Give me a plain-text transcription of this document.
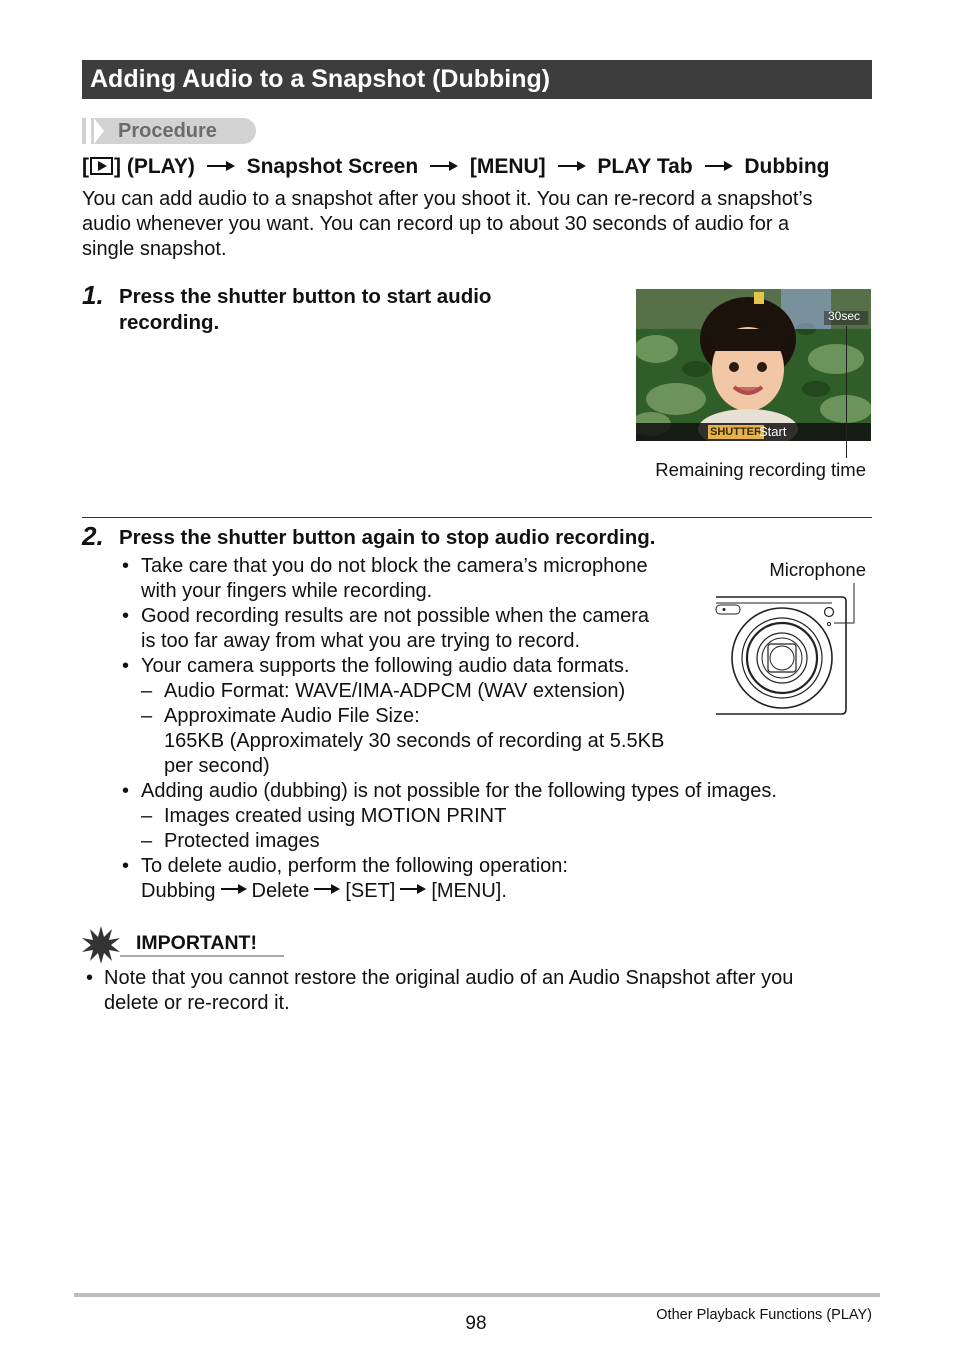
Adding Audio to a Snapshot (Dubbing)
Procedure
[ ] (PLAY) Snapshot Screen [MENU] PLAY Tab Dubbing
You can add audio to a snapshot after you shoot it. You can re-record a snapshot’s
audio whenever you want. You can record up to about 30 seconds of audio for a
single snapshot.
1. Press the shutter button to start audio
recording.
SHUTTER
Start
30sec
Remaining recording time
2. Press the shutter button again to stop audio recording.
Microphone
• Take care that you do not block the camera’s microphone
with your fingers while recording.
• Good recording results are not possible when the camera
is too far away from what you are trying to record.
• Your camera supports the following audio data formats.
– Audio Format: WAVE/IMA-ADPCM (WAV extension)
– Approximate Audio File Size:
165KB (Approximately 30 seconds of recording at 5.5KB
per second)
• Adding audio (dubbing) is not possible for the following types of images.
– Images created using MOTION PRINT
– Protected images
• To delete audio, perform the following operation:
Dubbing Delete [SET] [MENU].
IMPORTANT!
• Note that you cannot restore the original audio of an Audio Snapshot after you
delete or re-record it.
98	Other Playback Functions (PLAY)
